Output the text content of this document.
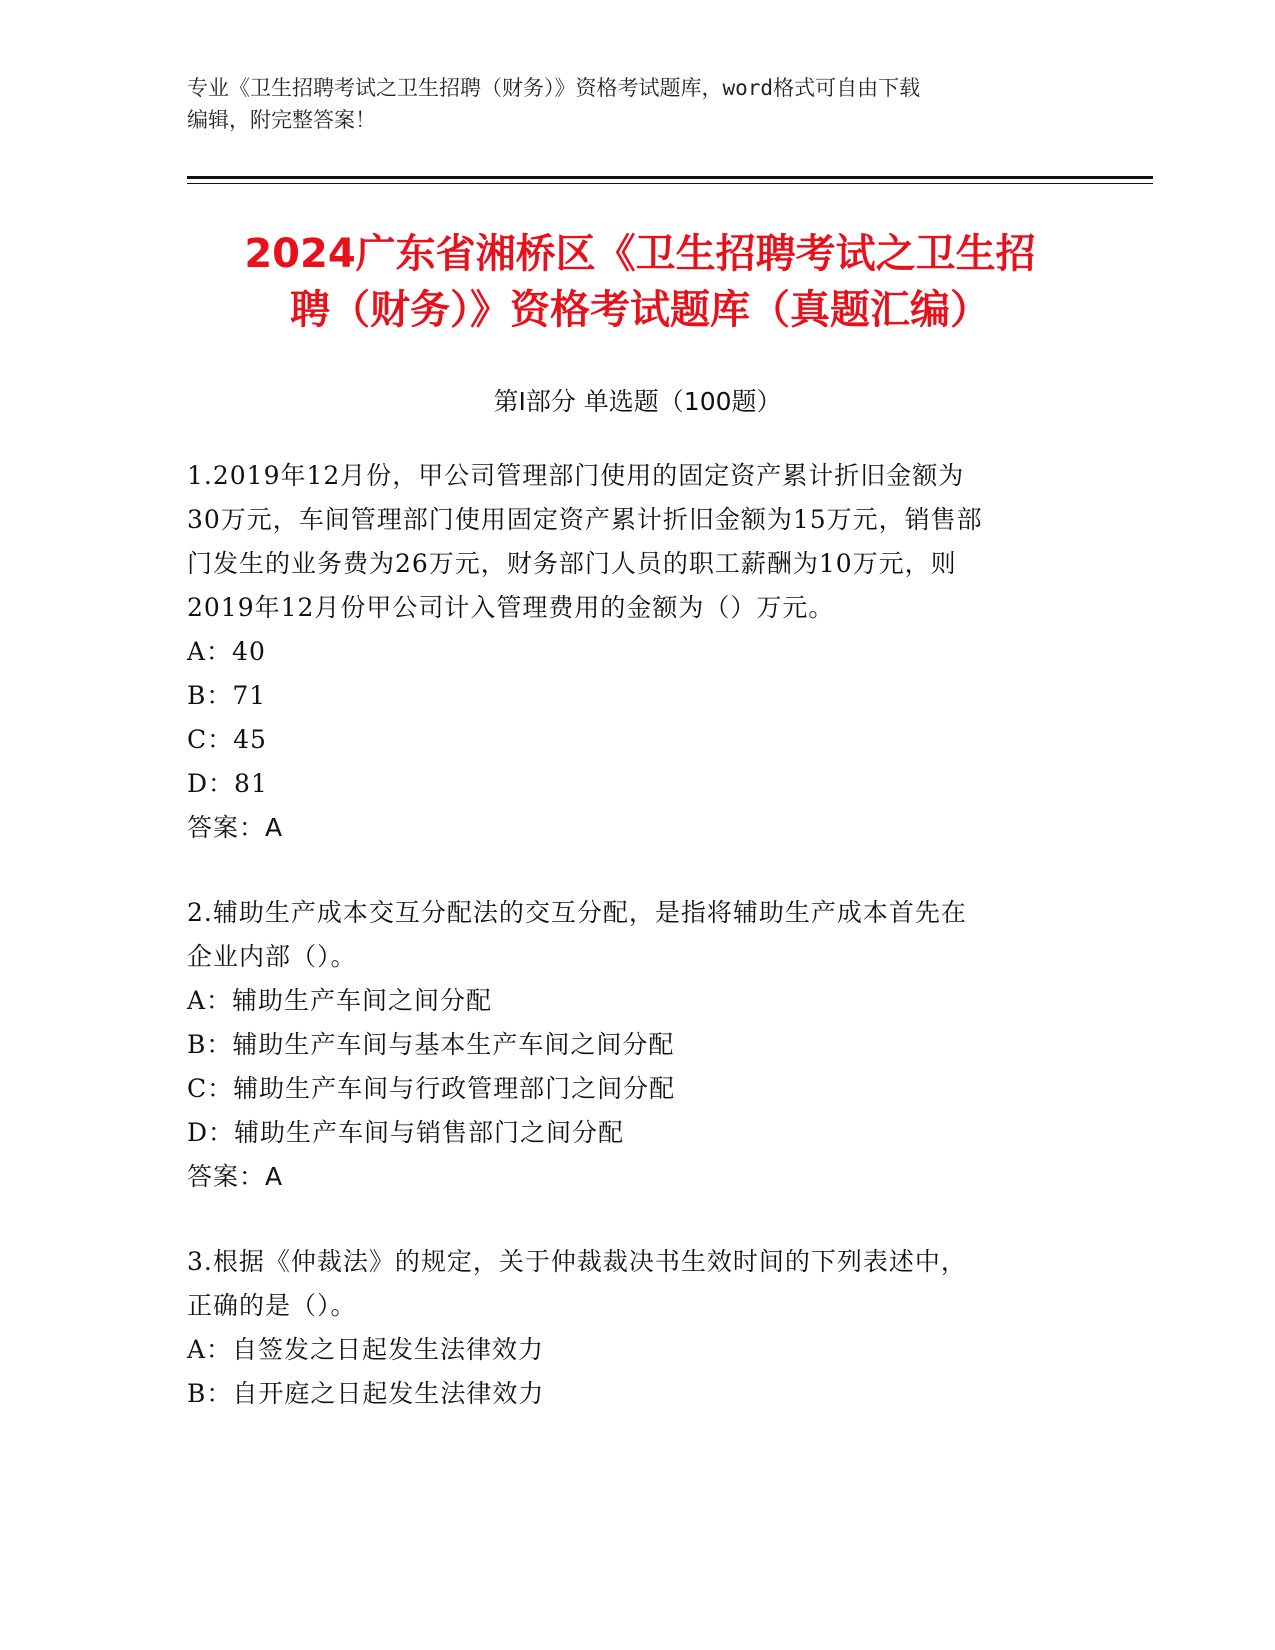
专业《卫生招聘考试之卫生招聘（财务）》资格考试题库，word格式可自由下载
编辑，附完整答案！
2024广东省湘桥区《卫生招聘考试之卫生招
聘（财务）》资格考试题库（真题汇编）
第Ⅰ部分 单选题（100题）
1.2019年12月份，甲公司管理部门使用的固定资产累计折旧金额为
30万元，车间管理部门使用固定资产累计折旧金额为15万元，销售部
门发生的业务费为26万元，财务部门人员的职工薪酬为10万元，则
2019年12月份甲公司计入管理费用的金额为（）万元。
A：40
B：71
C：45
D：81
答案：A
2.辅助生产成本交互分配法的交互分配，是指将辅助生产成本首先在
企业内部（）。
A：辅助生产车间之间分配
B：辅助生产车间与基本生产车间之间分配
C：辅助生产车间与行政管理部门之间分配
D：辅助生产车间与销售部门之间分配
答案：A
3.根据《仲裁法》的规定，关于仲裁裁决书生效时间的下列表述中，
正确的是（）。
A：自签发之日起发生法律效力
B：自开庭之日起发生法律效力
